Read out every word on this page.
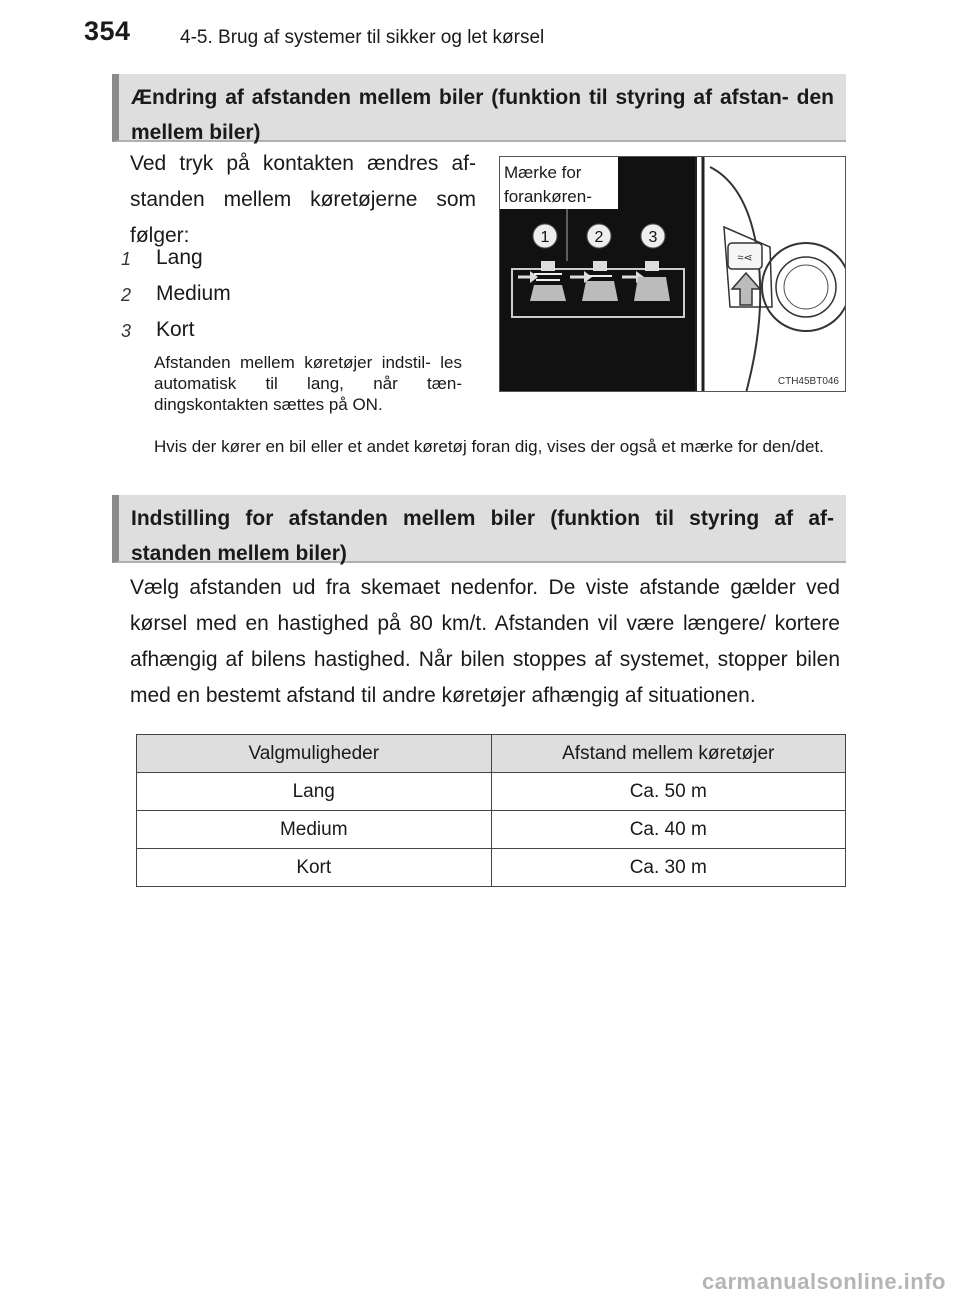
354	4-5. Brug af systemer til sikker og let kørsel
Ændring af afstanden mellem biler (funktion til styring af afstan- den mellem biler)
Ved tryk på kontakten ændres af- standen mellem køretøjerne som følger:
1 Lang
2 Medium
3 Kort
Afstanden mellem køretøjer indstil- les automatisk til lang, når tæn- dingskontakten sættes på ON.
≈⋖
1	2	3
Mærke for forankøren-
CTH45BT046
Hvis der kører en bil eller et andet køretøj foran dig, vises der også et mærke for den/det.
Indstilling for afstanden mellem biler (funktion til styring af af- standen mellem biler)
Vælg afstanden ud fra skemaet nedenfor. De viste afstande gælder ved kørsel med en hastighed på 80 km/t. Afstanden vil være længere/ kortere afhængig af bilens hastighed. Når bilen stoppes af systemet, stopper bilen med en bestemt afstand til andre køretøjer afhængig af situationen.
Valgmuligheder	Afstand mellem køretøjer
Lang	Ca. 50 m
Medium	Ca. 40 m
Kort	Ca. 30 m
carmanualsonline.info
